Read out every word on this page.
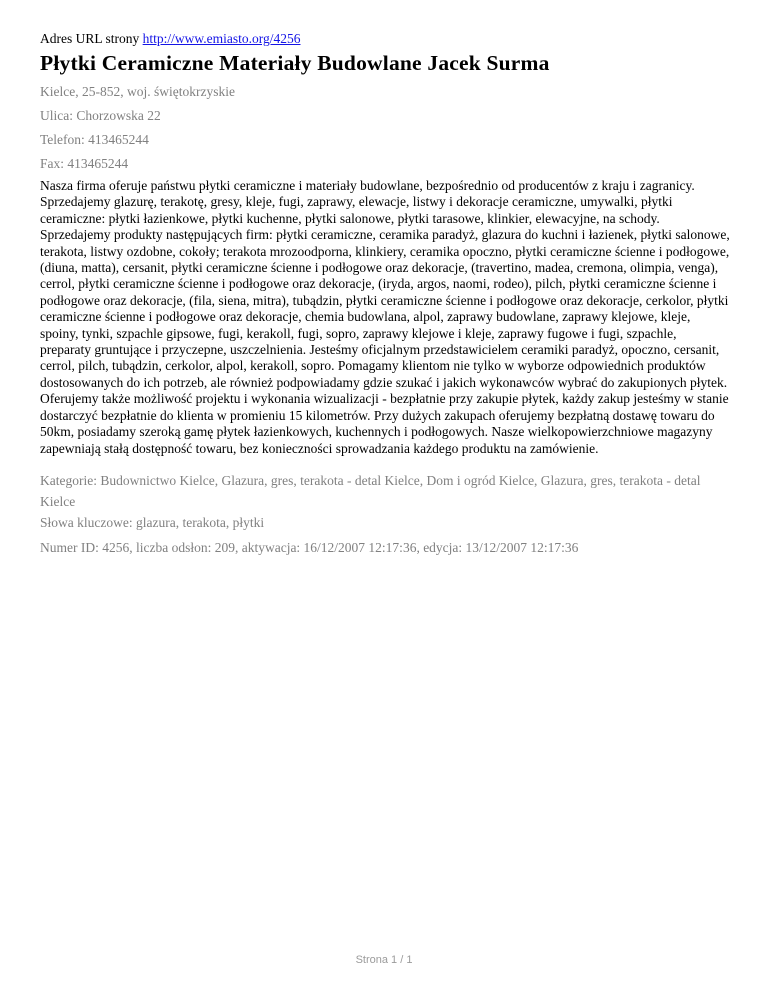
Adres URL strony http://www.emiasto.org/4256
Płytki Ceramiczne Materiały Budowlane Jacek Surma
Kielce, 25-852, woj. świętokrzyskie
Ulica: Chorzowska 22
Telefon: 413465244
Fax: 413465244

Nasza firma oferuje państwu płytki ceramiczne i materiały budowlane, bezpośrednio od producentów z kraju i zagranicy. Sprzedajemy glazurę, terakotę, gresy, kleje, fugi, zaprawy, elewacje, listwy i dekoracje ceramiczne, umywalki, płytki ceramiczne: płytki łazienkowe, płytki kuchenne, płytki salonowe, płytki tarasowe, klinkier, elewacyjne, na schody. Sprzedajemy produkty następujących firm: płytki ceramiczne, ceramika paradyż, glazura do kuchni i łazienek, płytki salonowe, terakota, listwy ozdobne, cokoły; terakota mrozoodporna, klinkiery, ceramika opoczno, płytki ceramiczne ścienne i podłogowe, (diuna, matta), cersanit, płytki ceramiczne ścienne i podłogowe oraz dekoracje, (travertino, madea, cremona, olimpia, venga), cerrol, płytki ceramiczne ścienne i podłogowe oraz dekoracje, (iryda, argos, naomi, rodeo), pilch, płytki ceramiczne ścienne i podłogowe oraz dekoracje, (fila, siena, mitra), tubądzin, płytki ceramiczne ścienne i podłogowe oraz dekoracje, cerkolor, płytki ceramiczne ścienne i podłogowe oraz dekoracje, chemia budowlana, alpol, zaprawy budowlane, zaprawy klejowe, kleje, spoiny, tynki, szpachle gipsowe, fugi, kerakoll, fugi, sopro, zaprawy klejowe i kleje, zaprawy fugowe i fugi, szpachle, preparaty gruntujące i przyczepne, uszczelnienia. Jesteśmy oficjalnym przedstawicielem ceramiki paradyż, opoczno, cersanit, cerrol, pilch, tubądzin, cerkolor, alpol, kerakoll, sopro. Pomagamy klientom nie tylko w wyborze odpowiednich produktów dostosowanych do ich potrzeb, ale również podpowiadamy gdzie szukać i jakich wykonawców wybrać do zakupionych płytek. Oferujemy także możliwość projektu i wykonania wizualizacji - bezpłatnie przy zakupie płytek, każdy zakup jesteśmy w stanie dostarczyć bezpłatnie do klienta w promieniu 15 kilometrów. Przy dużych zakupach oferujemy bezpłatną dostawę towaru do 50km, posiadamy szeroką gamę płytek łazienkowych, kuchennych i podłogowych. Nasze wielkopowierzchniowe magazyny zapewniają stałą dostępność towaru, bez konieczności sprowadzania każdego produktu na zamówienie.

Kategorie: Budownictwo Kielce, Glazura, gres, terakota - detal Kielce, Dom i ogród Kielce, Glazura, gres, terakota - detal Kielce
Słowa kluczowe: glazura, terakota, płytki
Numer ID: 4256, liczba odsłon: 209, aktywacja: 16/12/2007 12:17:36, edycja: 13/12/2007 12:17:36
Strona 1 / 1
